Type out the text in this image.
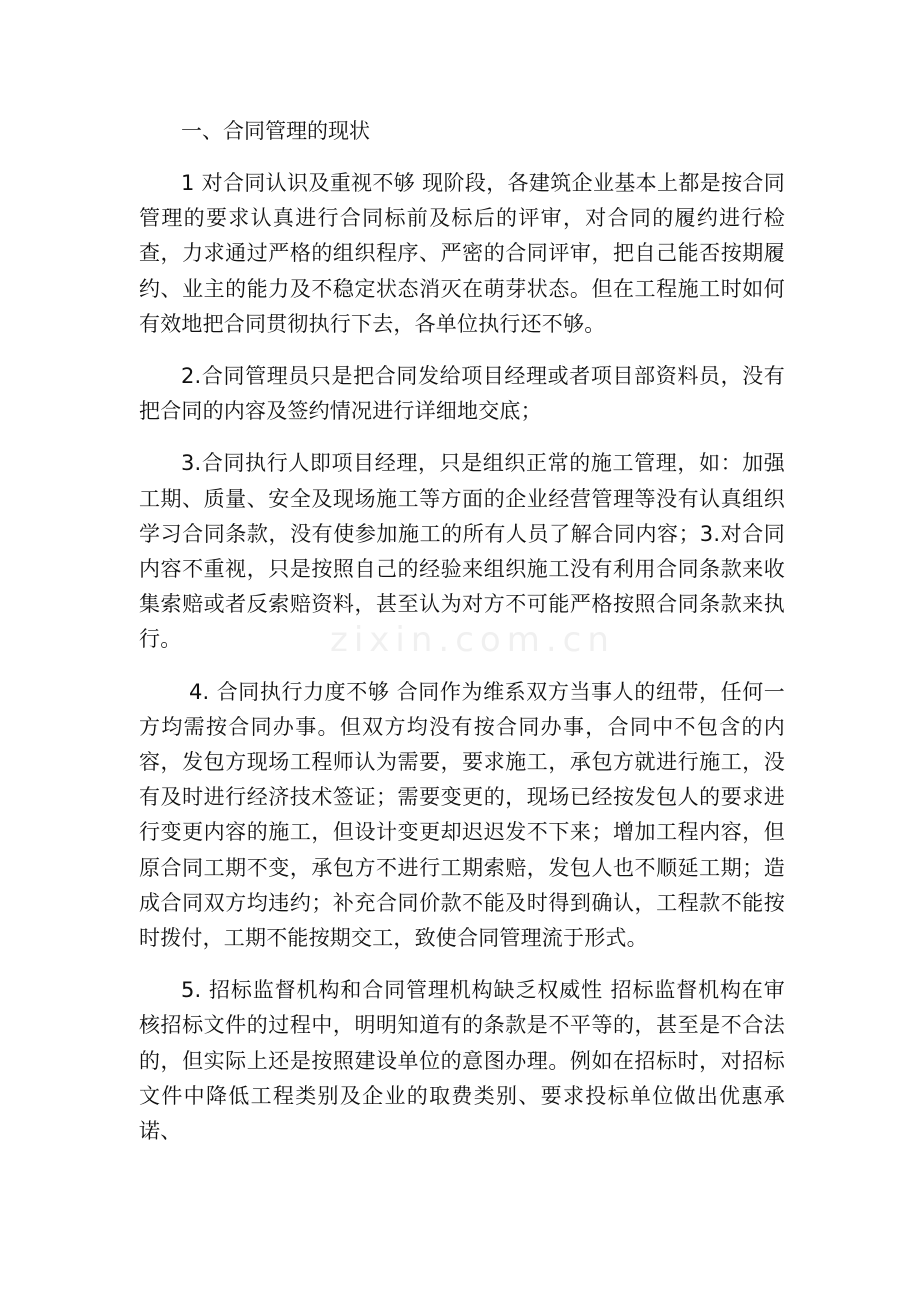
zixin.com.cn
一、合同管理的现状

1 对合同认识及重视不够 现阶段，各建筑企业基本上都是按合同管理的要求认真进行合同标前及标后的评审，对合同的履约进行检查，力求通过严格的组织程序、严密的合同评审，把自己能否按期履约、业主的能力及不稳定状态消灭在萌芽状态。但在工程施工时如何有效地把合同贯彻执行下去，各单位执行还不够。

2.合同管理员只是把合同发给项目经理或者项目部资料员，没有把合同的内容及签约情况进行详细地交底；

3.合同执行人即项目经理，只是组织正常的施工管理，如：加强工期、质量、安全及现场施工等方面的企业经营管理等没有认真组织学习合同条款，没有使参加施工的所有人员了解合同内容；3.对合同内容不重视，只是按照自己的经验来组织施工没有利用合同条款来收集索赔或者反索赔资料，甚至认为对方不可能严格按照合同条款来执行。

4. 合同执行力度不够 合同作为维系双方当事人的纽带，任何一方均需按合同办事。但双方均没有按合同办事，合同中不包含的内容，发包方现场工程师认为需要，要求施工，承包方就进行施工，没有及时进行经济技术签证；需要变更的，现场已经按发包人的要求进行变更内容的施工，但设计变更却迟迟发不下来；增加工程内容，但原合同工期不变，承包方不进行工期索赔，发包人也不顺延工期；造成合同双方均违约；补充合同价款不能及时得到确认，工程款不能按时拨付，工期不能按期交工，致使合同管理流于形式。

5. 招标监督机构和合同管理机构缺乏权威性 招标监督机构在审核招标文件的过程中，明明知道有的条款是不平等的，甚至是不合法的，但实际上还是按照建设单位的意图办理。例如在招标时，对招标文件中降低工程类别及企业的取费类别、要求投标单位做出优惠承诺、
